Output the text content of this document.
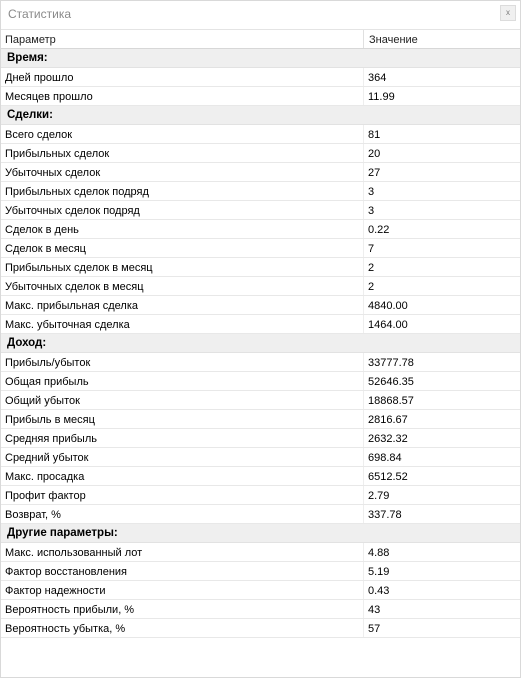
Статистика	x
Параметр	Значение
Время:
Дней прошло	364
Месяцев прошло	11.99
Сделки:
Всего сделок	81
Прибыльных сделок	20
Убыточных сделок	27
Прибыльных сделок подряд	3
Убыточных сделок подряд	3
Сделок в день	0.22
Сделок в месяц	7
Прибыльных сделок в месяц	2
Убыточных сделок в месяц	2
Макс. прибыльная сделка	4840.00
Макс. убыточная сделка	1464.00
Доход:
Прибыль/убыток	33777.78
Общая прибыль	52646.35
Общий убыток	18868.57
Прибыль в месяц	2816.67
Средняя прибыль	2632.32
Средний убыток	698.84
Макс. просадка	6512.52
Профит фактор	2.79
Возврат, %	337.78
Другие параметры:
Макс. использованный лот	4.88
Фактор восстановления	5.19
Фактор надежности	0.43
Вероятность прибыли, %	43
Вероятность убытка, %	57
